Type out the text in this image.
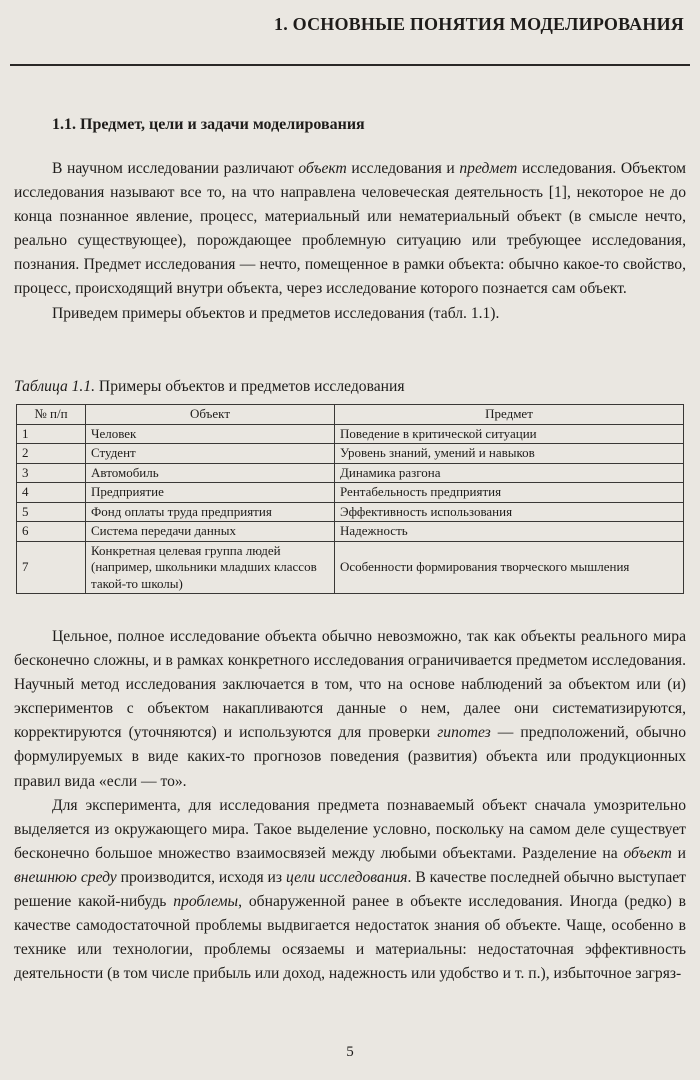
1. ОСНОВНЫЕ ПОНЯТИЯ МОДЕЛИРОВАНИЯ
1.1. Предмет, цели и задачи моделирования

В научном исследовании различают объект исследования и предмет исследования. Объектом исследования называют все то, на что направлена человеческая деятельность [1], некоторое не до конца познанное явление, процесс, материальный или нематериальный объект (в смысле нечто, реально существующее), порождающее проблемную ситуацию или требующее исследования, познания. Предмет исследования — нечто, помещенное в рамки объекта: обычно какое-то свойство, процесс, происходящий внутри объекта, через исследование которого познается сам объект.

Приведем примеры объектов и предметов исследования (табл. 1.1).

Таблица 1.1. Примеры объектов и предметов исследования
№ п/п	Объект	Предмет
1	Человек	Поведение в критической ситуации
2	Студент	Уровень знаний, умений и навыков
3	Автомобиль	Динамика разгона
4	Предприятие	Рентабельность предприятия
5	Фонд оплаты труда предприятия	Эффективность использования
6	Система передачи данных	Надежность
7	Конкретная целевая группа людей (например, школьники младших классов такой-то школы)	Особенности формирования творческого мышления

Цельное, полное исследование объекта обычно невозможно, так как объекты реального мира бесконечно сложны, и в рамках конкретного исследования ограничивается предметом исследования. Научный метод исследования заключается в том, что на основе наблюдений за объектом или (и) экспериментов с объектом накапливаются данные о нем, далее они систематизируются, корректируются (уточняются) и используются для проверки гипотез — предположений, обычно формулируемых в виде каких-то прогнозов поведения (развития) объекта или продукционных правил вида «если — то».

Для эксперимента, для исследования предмета познаваемый объект сначала умозрительно выделяется из окружающего мира. Такое выделение условно, поскольку на самом деле существует бесконечно большое множество взаимосвязей между любыми объектами. Разделение на объект и внешнюю среду производится, исходя из цели исследования. В качестве последней обычно выступает решение какой-нибудь проблемы, обнаруженной ранее в объекте исследования. Иногда (редко) в качестве самодостаточной проблемы выдвигается недостаток знания об объекте. Чаще, особенно в технике или технологии, проблемы осязаемы и материальны: недостаточная эффективность деятельности (в том числе прибыль или доход, надежность или удобство и т. п.), избыточное загряз-

5
